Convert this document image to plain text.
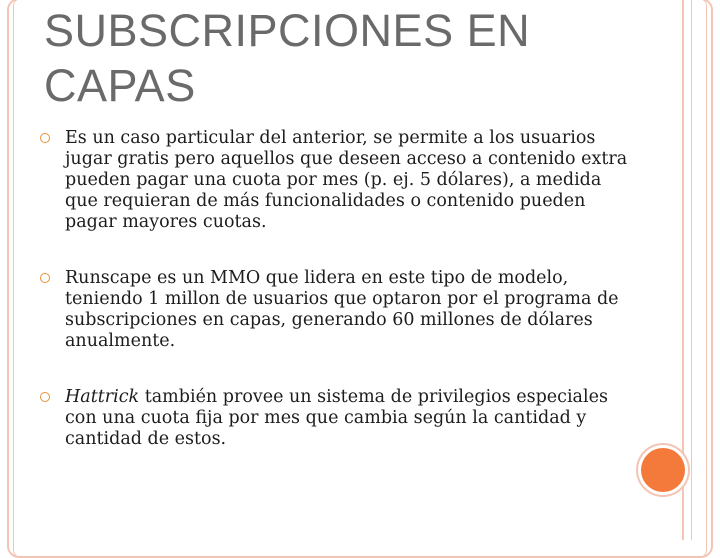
SUBSCRIPCIONES EN CAPAS
Es un caso particular del anterior, se permite a los usuarios jugar gratis pero aquellos que deseen acceso a contenido extra pueden pagar una cuota por mes (p. ej. 5 dólares), a medida que requieran de más funcionalidades o contenido pueden pagar mayores cuotas.
Runscape es un MMO que lidera en este tipo de modelo, teniendo 1 millon de usuarios que optaron por el programa de subscripciones en capas, generando 60 millones de dólares anualmente.
Hattrick también provee un sistema de privilegios especiales con una cuota fija por mes que cambia según la cantidad y cantidad de estos.
